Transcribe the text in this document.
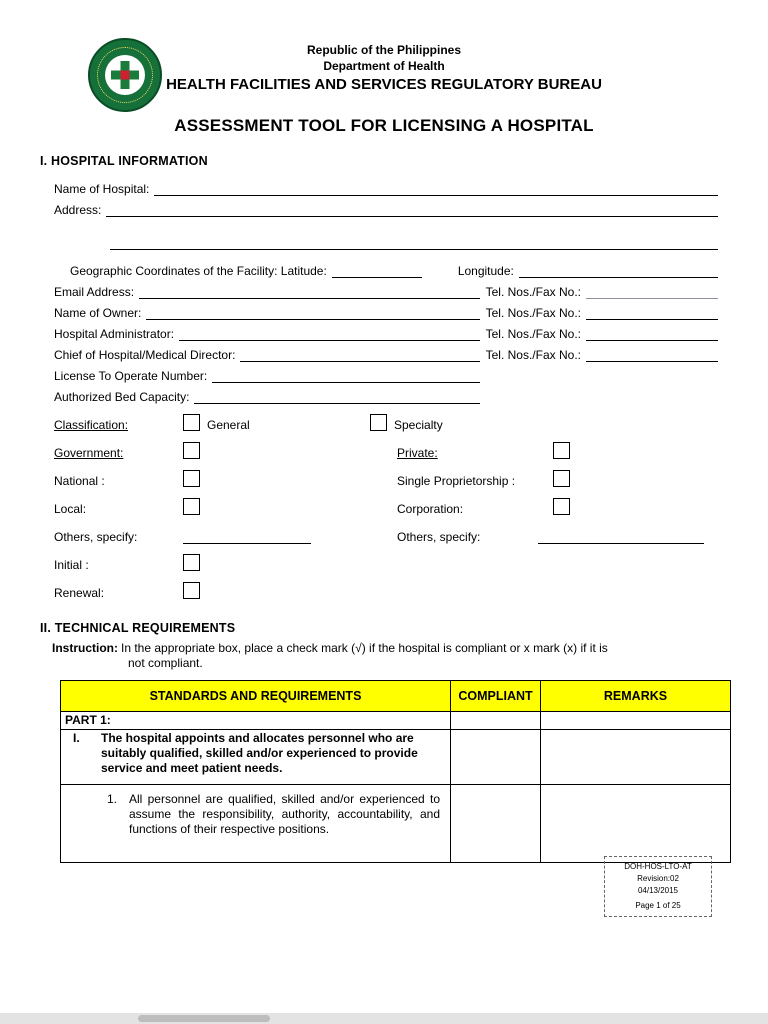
Republic of the Philippines
Department of Health
HEALTH FACILITIES AND SERVICES REGULATORY BUREAU
ASSESSMENT TOOL FOR LICENSING A HOSPITAL
I. HOSPITAL INFORMATION
Name of Hospital:
Address:
Geographic Coordinates of the Facility: Latitude:	Longitude:
Email Address:	Tel. Nos./Fax No.:
Name of Owner:	Tel. Nos./Fax No.:
Hospital Administrator:	Tel. Nos./Fax No.:
Chief of Hospital/Medical Director:	Tel. Nos./Fax No.:
License To Operate Number:
Authorized Bed Capacity:
Classification:	General	Specialty
Government:	Private:
National :	Single Proprietorship :
Local:	Corporation:
Others, specify:	Others, specify:
Initial :
Renewal:
II. TECHNICAL REQUIREMENTS
Instruction: In the appropriate box, place a check mark (√) if the hospital is compliant or x mark (x) if it is
not compliant.
STANDARDS AND REQUIREMENTS	COMPLIANT	REMARKS
PART 1:		

I. The hospital appoints and allocates personnel who are suitably qualified, skilled and/or experienced to provide service and meet patient needs.		

1. All personnel are qualified, skilled and/or experienced to assume the responsibility, authority, accountability, and functions of their respective positions.		

DOH-HOS-LTO-AT
Revision:02
04/13/2015
Page 1 of 25
